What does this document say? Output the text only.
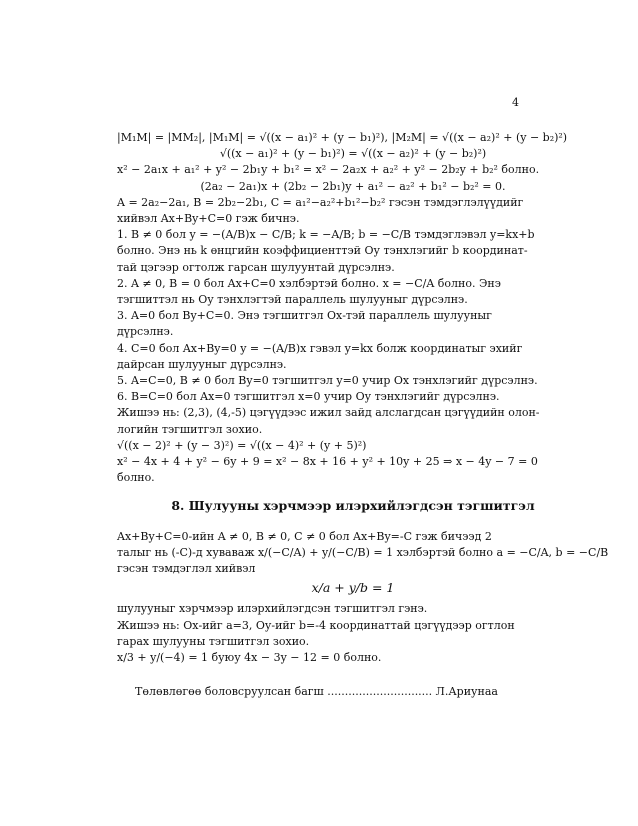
4
|M₁M| = |MM₂|, |M₁M| = √((x − a₁)² + (y − b₁)²), |M₂M| = √((x − a₂)² + (y − b₂)²)
√((x − a₁)² + (y − b₁)²) = √((x − a₂)² + (y − b₂)²)
x² − 2a₁x + a₁² + y² − 2b₁y + b₁² = x² − 2a₂x + a₂² + y² − 2b₂y + b₂² болно.
(2a₂ − 2a₁)x + (2b₂ − 2b₁)y + a₁² − a₂² + b₁² − b₂² = 0.
A = 2a₂−2a₁, B = 2b₂−2b₁, C = a₁²−a₂²+b₁²−b₂² гэсэн тэмдэглэлүүдийг
хийвэл Ax+By+C=0 гэж бичнэ.
1. B ≠ 0 бол y = −(A/B)x − C/B; k = −A/B; b = −C/B тэмдэглэвэл y=kx+b
болно. Энэ нь k өнцгийн коэффициенттэй Оу тэнхлэгийг b координат-
тай цэгээр огтолж гарсан шулуунтай дүрсэлнэ.
2. A ≠ 0, B = 0 бол Ax+C=0 хэлбэртэй болно. x = −C/A болно. Энэ
тэгшиттэл нь Оу тэнхлэгтэй параллель шулууныг дүрсэлнэ.
3. A=0 бол By+C=0. Энэ тэгшитгэл Ох-тэй параллель шулууныг
дүрсэлнэ.
4. C=0 бол Ax+By=0 y = −(A/B)x гэвэл y=kx болж координатыг эхийг
дайрсан шулууныг дүрсэлнэ.
5. A=C=0, B ≠ 0 бол By=0 тэгшитгэл y=0 учир Ох тэнхлэгийг дүрсэлнэ.
6. B=C=0 бол Ax=0 тэгшитгэл x=0 учир Оу тэнхлэгийг дүрсэлнэ.
Жишээ нь: (2,3), (4,-5) цэгүүдээс ижил зайд алслагдсан цэгүүдийн олон-
логийн тэгшитгэл зохио.
√((x − 2)² + (y − 3)²) = √((x − 4)² + (y + 5)²)
x² − 4x + 4 + y² − 6y + 9 = x² − 8x + 16 + y² + 10y + 25 ⇒ x − 4y − 7 = 0
болно.
8. Шулууны хэрчмээр илэрхийлэгдсэн тэгшитгэл
Ax+By+C=0-ийн A ≠ 0, B ≠ 0, C ≠ 0 бол Ax+By=-C гэж бичээд 2
талыг нь (-C)-д хуваваж x/(−C/A) + y/(−C/B) = 1 хэлбэртэй болно a = −C/A, b = −C/B
гэсэн тэмдэглэл хийвэл
x/a + y/b = 1
шулууныг хэрчмээр илэрхийлэгдсэн тэгшитгэл гэнэ.
Жишээ нь: Ох-ийг a=3, Оу-ийг b=-4 координаттай цэгүүдээр огтлон
гарах шулууны тэгшитгэл зохио.
x/3 + y/(−4) = 1 буюу 4x − 3y − 12 = 0 болно.
Төлөвлөгөө боловсруулсан багш .............................. Л.Ариунаа
